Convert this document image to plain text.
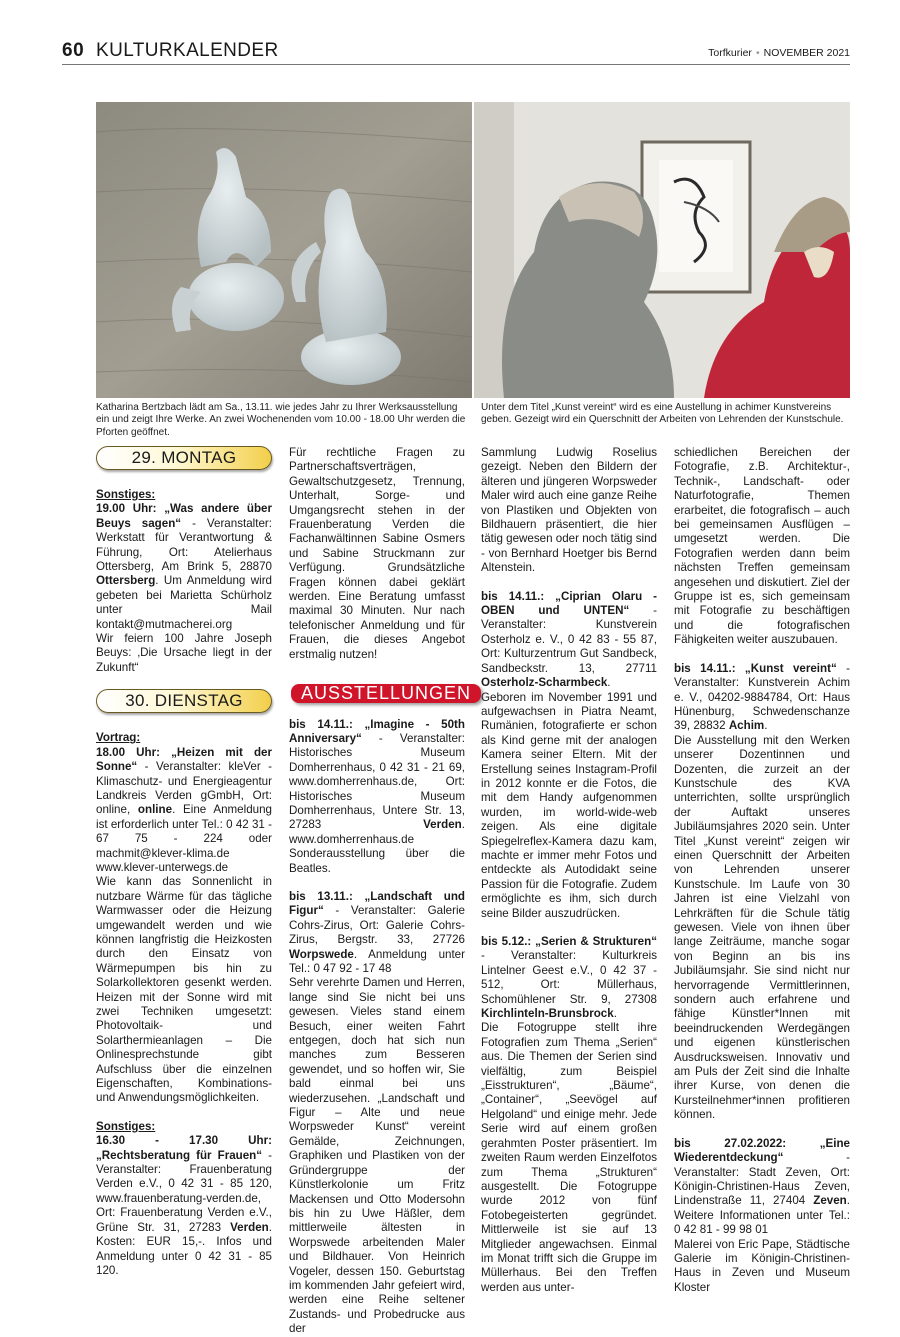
60 KULTURKALENDER	Torfkurier • NOVEMBER 2021
Katharina Bertzbach lädt am Sa., 13.11. wie jedes Jahr zu Ihrer Werksausstellung ein und zeigt Ihre Werke. An zwei Wochenenden vom 10.00 - 18.00 Uhr werden die Pforten geöffnet.
Unter dem Titel „Kunst vereint“ wird es eine Austellung in achimer Kunstvereins geben. Gezeigt wird ein Querschnitt der Arbeiten von Lehrenden der Kunstschule.
29. MONTAG

Sonstiges:

19.00 Uhr: „Was andere über Beuys sagen“ - Veranstalter: Werkstatt für Verantwortung & Führung, Ort: Atelierhaus Ottersberg, Am Brink 5, 28870 Ottersberg. Um Anmeldung wird gebeten bei Marietta Schürholz unter Mail kontakt@mutmacherei.org

Wir feiern 100 Jahre Joseph Beuys: ‚Die Ursache liegt in der Zukunft“

30. DIENSTAG

Vortrag:

18.00 Uhr: „Heizen mit der Sonne“ - Veranstalter: kleVer - Klimaschutz- und Energieagentur Landkreis Verden gGmbH, Ort: online, online. Eine Anmeldung ist erforderlich unter Tel.: 0 42 31 - 67 75 - 224 oder machmit@klever-klima.de www.klever-unterwegs.de

Wie kann das Sonnenlicht in nutzbare Wärme für das tägliche Warmwasser oder die Heizung umgewandelt werden und wie können langfristig die Heizkosten durch den Einsatz von Wärmepumpen bis hin zu Solarkollektoren gesenkt werden. Heizen mit der Sonne wird mit zwei Techniken umgesetzt: Photovoltaik- und Solarthermieanlagen – Die Onlinesprechstunde gibt Aufschluss über die einzelnen Eigenschaften, Kombinations- und Anwendungsmöglichkeiten.

Sonstiges:

16.30 - 17.30 Uhr: „Rechtsberatung für Frauen“ - Veranstalter: Frauenberatung Verden e.V., 0 42 31 - 85 120, www.frauenberatung-verden.de, Ort: Frauenberatung Verden e.V., Grüne Str. 31, 27283 Verden. Kosten: EUR 15,-. Infos und Anmeldung unter 0 42 31 - 85 120.

Für rechtliche Fragen zu Partnerschaftsverträgen, Gewaltschutzgesetz, Trennung, Unterhalt, Sorge- und Umgangsrecht stehen in der Frauenberatung Verden die Fachanwältinnen Sabine Osmers und Sabine Struckmann zur Verfügung. Grundsätzliche Fragen können dabei geklärt werden. Eine Beratung umfasst maximal 30 Minuten. Nur nach telefonischer Anmeldung und für Frauen, die dieses Angebot erstmalig nutzen!

AUSSTELLUNGEN

bis 14.11.: „Imagine - 50th Anniversary“ - Veranstalter: Historisches Museum Domherrenhaus, 0 42 31 - 21 69, www.domherrenhaus.de, Ort: Historisches Museum Domherrenhaus, Untere Str. 13, 27283 Verden. www.domherrenhaus.de Sonderausstellung über die Beatles.

bis 13.11.: „Landschaft und Figur“ - Veranstalter: Galerie Cohrs-Zirus, Ort: Galerie Cohrs-Zirus, Bergstr. 33, 27726 Worpswede. Anmeldung unter Tel.: 0 47 92 - 17 48

Sehr verehrte Damen und Herren, lange sind Sie nicht bei uns gewesen. Vieles stand einem Besuch, einer weiten Fahrt entgegen, doch hat sich nun manches zum Besseren gewendet, und so hoffen wir, Sie bald einmal bei uns wiederzusehen. „Landschaft und Figur – Alte und neue Worpsweder Kunst“ vereint Gemälde, Zeichnungen, Graphiken und Plastiken von der Gründergruppe der Künstlerkolonie um Fritz Mackensen und Otto Modersohn bis hin zu Uwe Häßler, dem mittlerweile ältesten in Worpswede arbeitenden Maler und Bildhauer. Von Heinrich Vogeler, dessen 150. Geburtstag im kommenden Jahr gefeiert wird, werden eine Reihe seltener Zustands- und Probedrucke aus der

Sammlung Ludwig Roselius gezeigt. Neben den Bildern der älteren und jüngeren Worpsweder Maler wird auch eine ganze Reihe von Plastiken und Objekten von Bildhauern präsentiert, die hier tätig gewesen oder noch tätig sind - von Bernhard Hoetger bis Bernd Altenstein.

bis 14.11.: „Ciprian Olaru - OBEN und UNTEN“ - Veranstalter: Kunstverein Osterholz e. V., 0 42 83 - 55 87, Ort: Kulturzentrum Gut Sandbeck, Sandbeckstr. 13, 27711 Osterholz-Scharmbeck.

Geboren im November 1991 und aufgewachsen in Piatra Neamt, Rumänien, fotografierte er schon als Kind gerne mit der analogen Kamera seiner Eltern. Mit der Erstellung seines Instagram-Profil in 2012 konnte er die Fotos, die mit dem Handy aufgenommen wurden, im world-wide-web zeigen. Als eine digitale Spiegelreflex-Kamera dazu kam, machte er immer mehr Fotos und entdeckte als Autodidakt seine Passion für die Fotografie. Zudem ermöglichte es ihm, sich durch seine Bilder auszudrücken.

bis 5.12.: „Serien & Strukturen“ - Veranstalter: Kulturkreis Lintelner Geest e.V., 0 42 37 - 512, Ort: Müllerhaus, Schomühlener Str. 9, 27308 Kirchlinteln-Brunsbrock.

Die Fotogruppe stellt ihre Fotografien zum Thema „Serien“ aus. Die Themen der Serien sind vielfältig, zum Beispiel „Eisstrukturen“, „Bäume“, „Container“, „Seevögel auf Helgoland“ und einige mehr. Jede Serie wird auf einem großen gerahmten Poster präsentiert. Im zweiten Raum werden Einzelfotos zum Thema „Strukturen“ ausgestellt. Die Fotogruppe wurde 2012 von fünf Fotobegeisterten gegründet. Mittlerweile ist sie auf 13 Mitglieder angewachsen. Einmal im Monat trifft sich die Gruppe im Müllerhaus. Bei den Treffen werden aus unter-

schiedlichen Bereichen der Fotografie, z.B. Architektur-, Technik-, Landschaft- oder Naturfotografie, Themen erarbeitet, die fotografisch – auch bei gemeinsamen Ausflügen – umgesetzt werden. Die Fotografien werden dann beim nächsten Treffen gemeinsam angesehen und diskutiert. Ziel der Gruppe ist es, sich gemeinsam mit Fotografie zu beschäftigen und die fotografischen Fähigkeiten weiter auszubauen.

bis 14.11.: „Kunst vereint“ - Veranstalter: Kunstverein Achim e. V., 04202-9884784, Ort: Haus Hünenburg, Schwedenschanze 39, 28832 Achim.

Die Ausstellung mit den Werken unserer Dozentinnen und Dozenten, die zurzeit an der Kunstschule des KVA unterrichten, sollte ursprünglich der Auftakt unseres Jubiläumsjahres 2020 sein. Unter Titel „Kunst vereint“ zeigen wir einen Querschnitt der Arbeiten von Lehrenden unserer Kunstschule. Im Laufe von 30 Jahren ist eine Vielzahl von Lehrkräften für die Schule tätig gewesen. Viele von ihnen über lange Zeiträume, manche sogar von Beginn an bis ins Jubiläumsjahr. Sie sind nicht nur hervorragende Vermittlerinnen, sondern auch erfahrene und fähige Künstler*Innen mit beeindruckenden Werdegängen und eigenen künstlerischen Ausdrucksweisen. Innovativ und am Puls der Zeit sind die Inhalte ihrer Kurse, von denen die Kursteilnehmer*innen profitieren können.

bis 27.02.2022: „Eine Wiederentdeckung“ - Veranstalter: Stadt Zeven, Ort: Königin-Christinen-Haus Zeven, Lindenstraße 11, 27404 Zeven. Weitere Informationen unter Tel.: 0 42 81 - 99 98 01

Malerei von Eric Pape, Städtische Galerie im Königin-Christinen-Haus in Zeven und Museum Kloster
